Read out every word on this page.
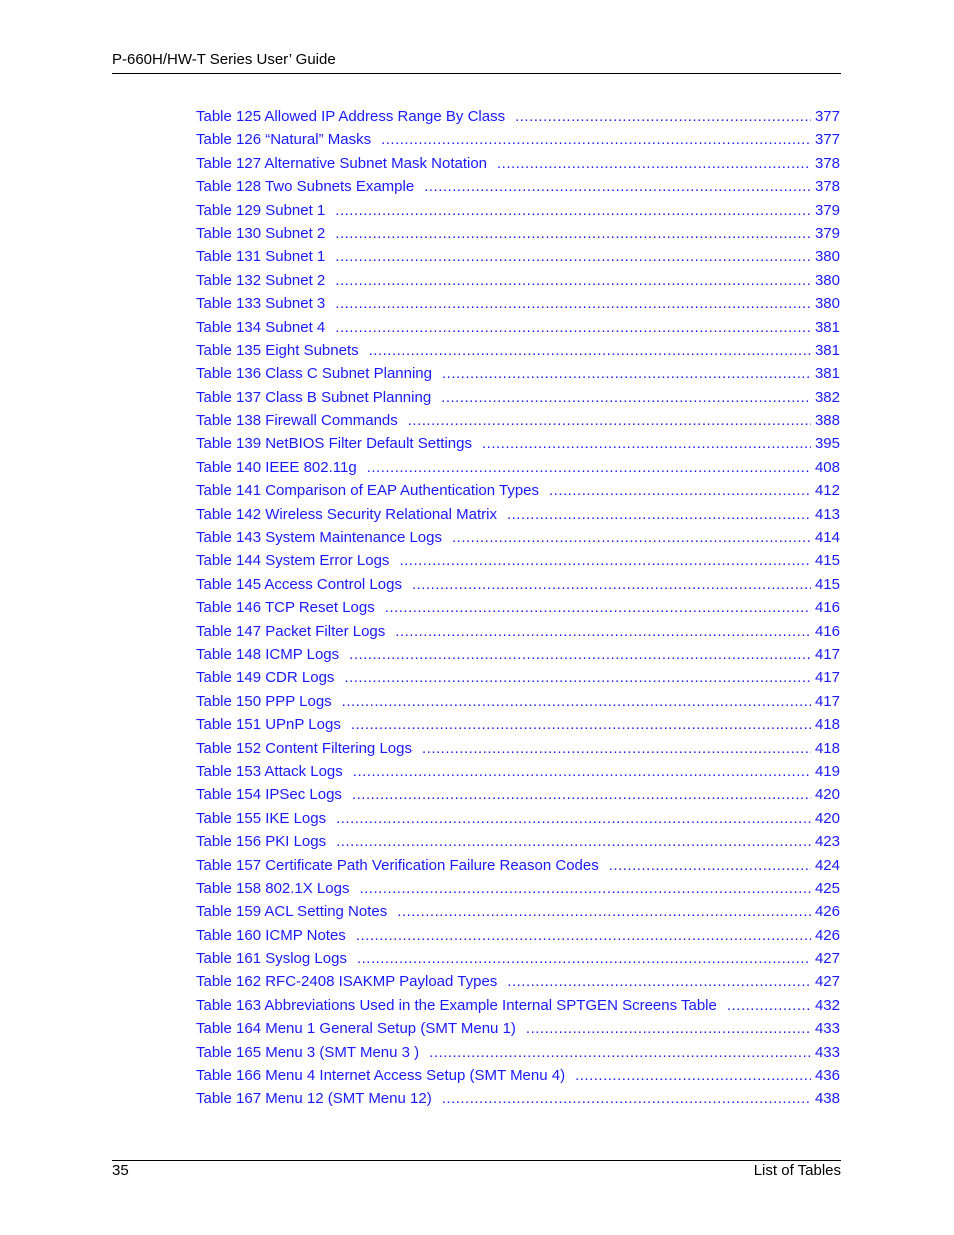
P-660H/HW-T Series User’ Guide
Table 125 Allowed IP Address Range By Class .....	377
Table 126 “Natural” Masks .....	377
Table 127 Alternative Subnet Mask Notation .....	378
Table 128 Two Subnets Example .....	378
Table 129 Subnet 1 .....	379
Table 130 Subnet 2 .....	379
Table 131 Subnet 1 .....	380
Table 132 Subnet 2 .....	380
Table 133 Subnet 3 .....	380
Table 134 Subnet 4 .....	381
Table 135 Eight Subnets .....	381
Table 136 Class C Subnet Planning .....	381
Table 137 Class B Subnet Planning .....	382
Table 138 Firewall Commands .....	388
Table 139 NetBIOS Filter Default Settings .....	395
Table 140 IEEE 802.11g .....	408
Table 141 Comparison of EAP Authentication Types .....	412
Table 142 Wireless Security Relational Matrix .....	413
Table 143 System Maintenance Logs .....	414
Table 144 System Error Logs .....	415
Table 145 Access Control Logs .....	415
Table 146 TCP Reset Logs .....	416
Table 147 Packet Filter Logs .....	416
Table 148 ICMP Logs .....	417
Table 149 CDR Logs .....	417
Table 150 PPP Logs .....	417
Table 151 UPnP Logs .....	418
Table 152 Content Filtering Logs .....	418
Table 153 Attack Logs .....	419
Table 154 IPSec Logs .....	420
Table 155 IKE Logs .....	420
Table 156 PKI Logs .....	423
Table 157 Certificate Path Verification Failure Reason Codes .....	424
Table 158 802.1X Logs .....	425
Table 159 ACL Setting Notes .....	426
Table 160 ICMP Notes .....	426
Table 161 Syslog Logs .....	427
Table 162 RFC-2408 ISAKMP Payload Types .....	427
Table 163 Abbreviations Used in the Example Internal SPTGEN Screens Table .....	432
Table 164 Menu 1 General Setup (SMT Menu 1) .....	433
Table 165 Menu 3 (SMT Menu 3 ) .....	433
Table 166 Menu 4 Internet Access Setup (SMT Menu 4) .....	436
Table 167 Menu 12 (SMT Menu 12) .....	438
35	List of Tables
